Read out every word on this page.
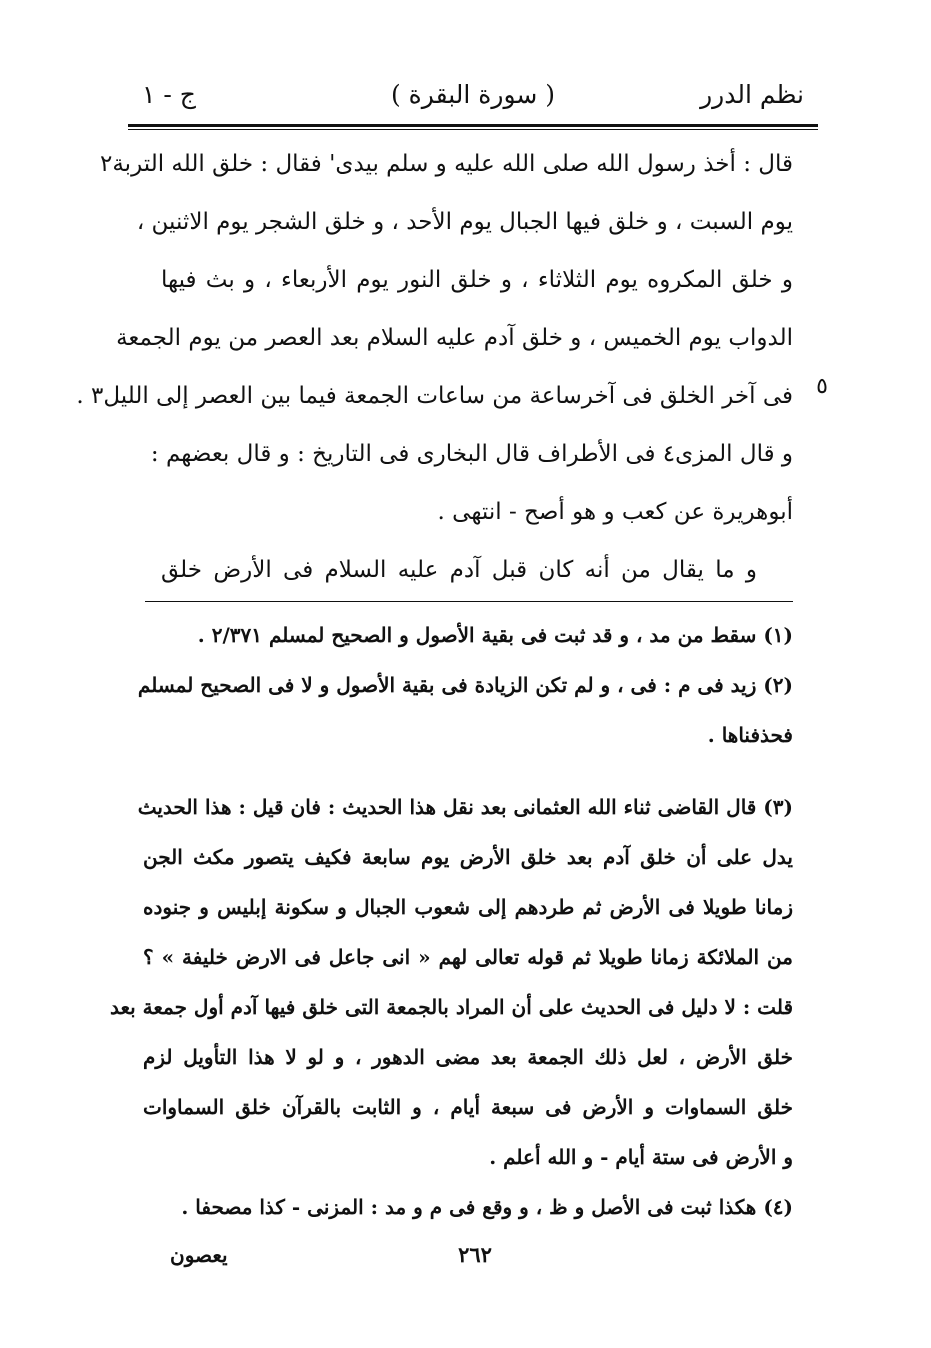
نظم الدرر
( سورة البقرة )
ج - ١
قال : أخذ رسول الله صلى الله عليه و سلم بيدى' فقال : خلق الله التربة٢
يوم السبت ، و خلق فيها الجبال يوم الأحد ، و خلق الشجر يوم الاثنين ،
و خلق المكروه يوم الثلاثاء ، و خلق النور يوم الأربعاء ، و بث فيها
الدواب يوم الخميس ، و خلق آدم عليه السلام بعد العصر من يوم الجمعة
فى آخر الخلق فى آخرساعة من ساعات الجمعة فيما بين العصر إلى الليل٣ .
و قال المزى٤ فى الأطراف قال البخارى فى التاريخ : و قال بعضهم :
أبوهريرة عن كعب و هو أصح - انتهى .
و ما يقال من أنه كان قبل آدم عليه السلام فى الأرض خلق
٥
(١) سقط من مد ، و قد ثبت فى بقية الأصول و الصحيح لمسلم ٢/٣٧١ .
(٢) زيد فى م : فى ، و لم تكن الزيادة فى بقية الأصول و لا فى الصحيح لمسلم
فحذفناها .
(٣) قال القاضى ثناء الله العثمانى بعد نقل هذا الحديث : فان قيل : هذا الحديث
يدل على أن خلق آدم بعد خلق الأرض يوم سابعة فكيف يتصور مكث الجن
زمانا طويلا فى الأرض ثم طردهم إلى شعوب الجبال و سكونة إبليس و جنوده
من الملائكة زمانا طويلا ثم قوله تعالى لهم « انى جاعل فى الارض خليفة » ؟
قلت : لا دليل فى الحديث على أن المراد بالجمعة التى خلق فيها آدم أول جمعة بعد
خلق الأرض ، لعل ذلك الجمعة بعد مضى الدهور ، و لو لا هذا التأويل لزم
خلق السماوات و الأرض فى سبعة أيام ، و الثابت بالقرآن خلق السماوات
و الأرض فى ستة أيام - و الله أعلم .
(٤) هكذا ثبت فى الأصل و ظ ، و وقع فى م و مد : المزنى - كذا مصحفا .
يعصون	٢٦٢
